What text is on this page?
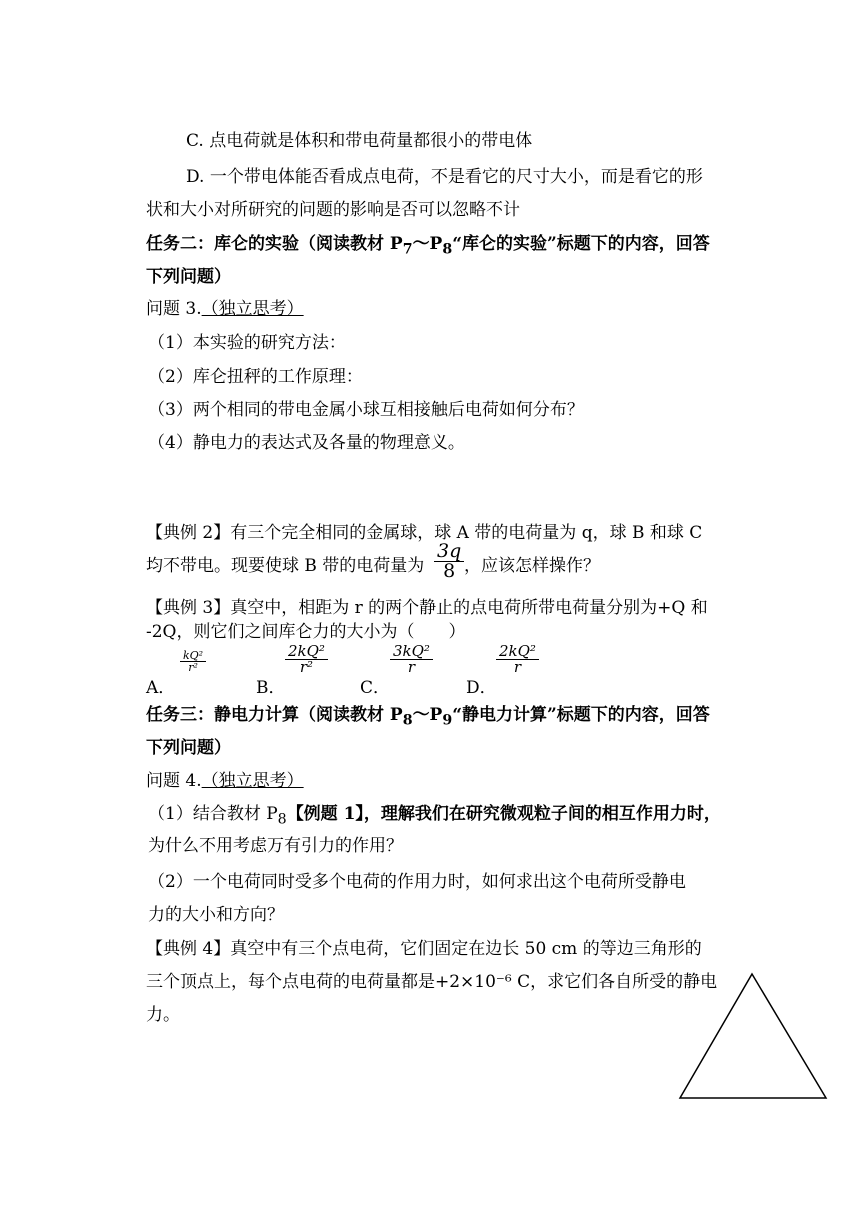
C. 点电荷就是体积和带电荷量都很小的带电体
D. 一个带电体能否看成点电荷，不是看它的尺寸大小，而是看它的形
状和大小对所研究的问题的影响是否可以忽略不计
任务二：库仑的实验（阅读教材 $P_7\sim P_8“$库仑的实验”标题下的内容，回答
下列问题）
问题 3.（独立思考）
（1）本实验的研究方法：
（2）库仑扭秤的工作原理：
（3）两个相同的带电金属小球互相接触后电荷如何分布？
（4）静电力的表达式及各量的物理意义。
【典例 2】有三个完全相同的金属球，球 A 带的电荷量为 q，球 B 和球 C
均不带电。现要使球 B 带的电荷量为 $\frac{3q}{8}$ ，应该怎样操作？
【典例 3】真空中，相距为 r 的两个静止的点电荷所带电荷量分别为+Q 和
-2Q，则它们之间库仑力的大小为（　　）
A．
$\frac{\text{kQ²}}{\text{r²}}$
B．
$\frac{\text{2kQ²}}{\text{r²}}$
C．
$\frac{\text{3kQ²}}{r}$
D．
$\frac{\text{2kQ²}}{r}$
任务三：静电力计算（阅读教材 $P_8\sim P_9“$静电力计算”标题下的内容，回答
下列问题）
问题 4.（独立思考）
（1）结合教材 $P_8$【例题 1】，理解我们在研究微观粒子间的相互作用力时，
为什么不用考虑万有引力的作用？
（2）一个电荷同时受多个电荷的作用力时，如何求出这个电荷所受静电
力的大小和方向？
【典例 4】真空中有三个点电荷，它们固定在边长 50 cm 的等边三角形的
三个顶点上，每个点电荷的电荷量都是+2×10⁻⁶ C，求它们各自所受的静电
力。
